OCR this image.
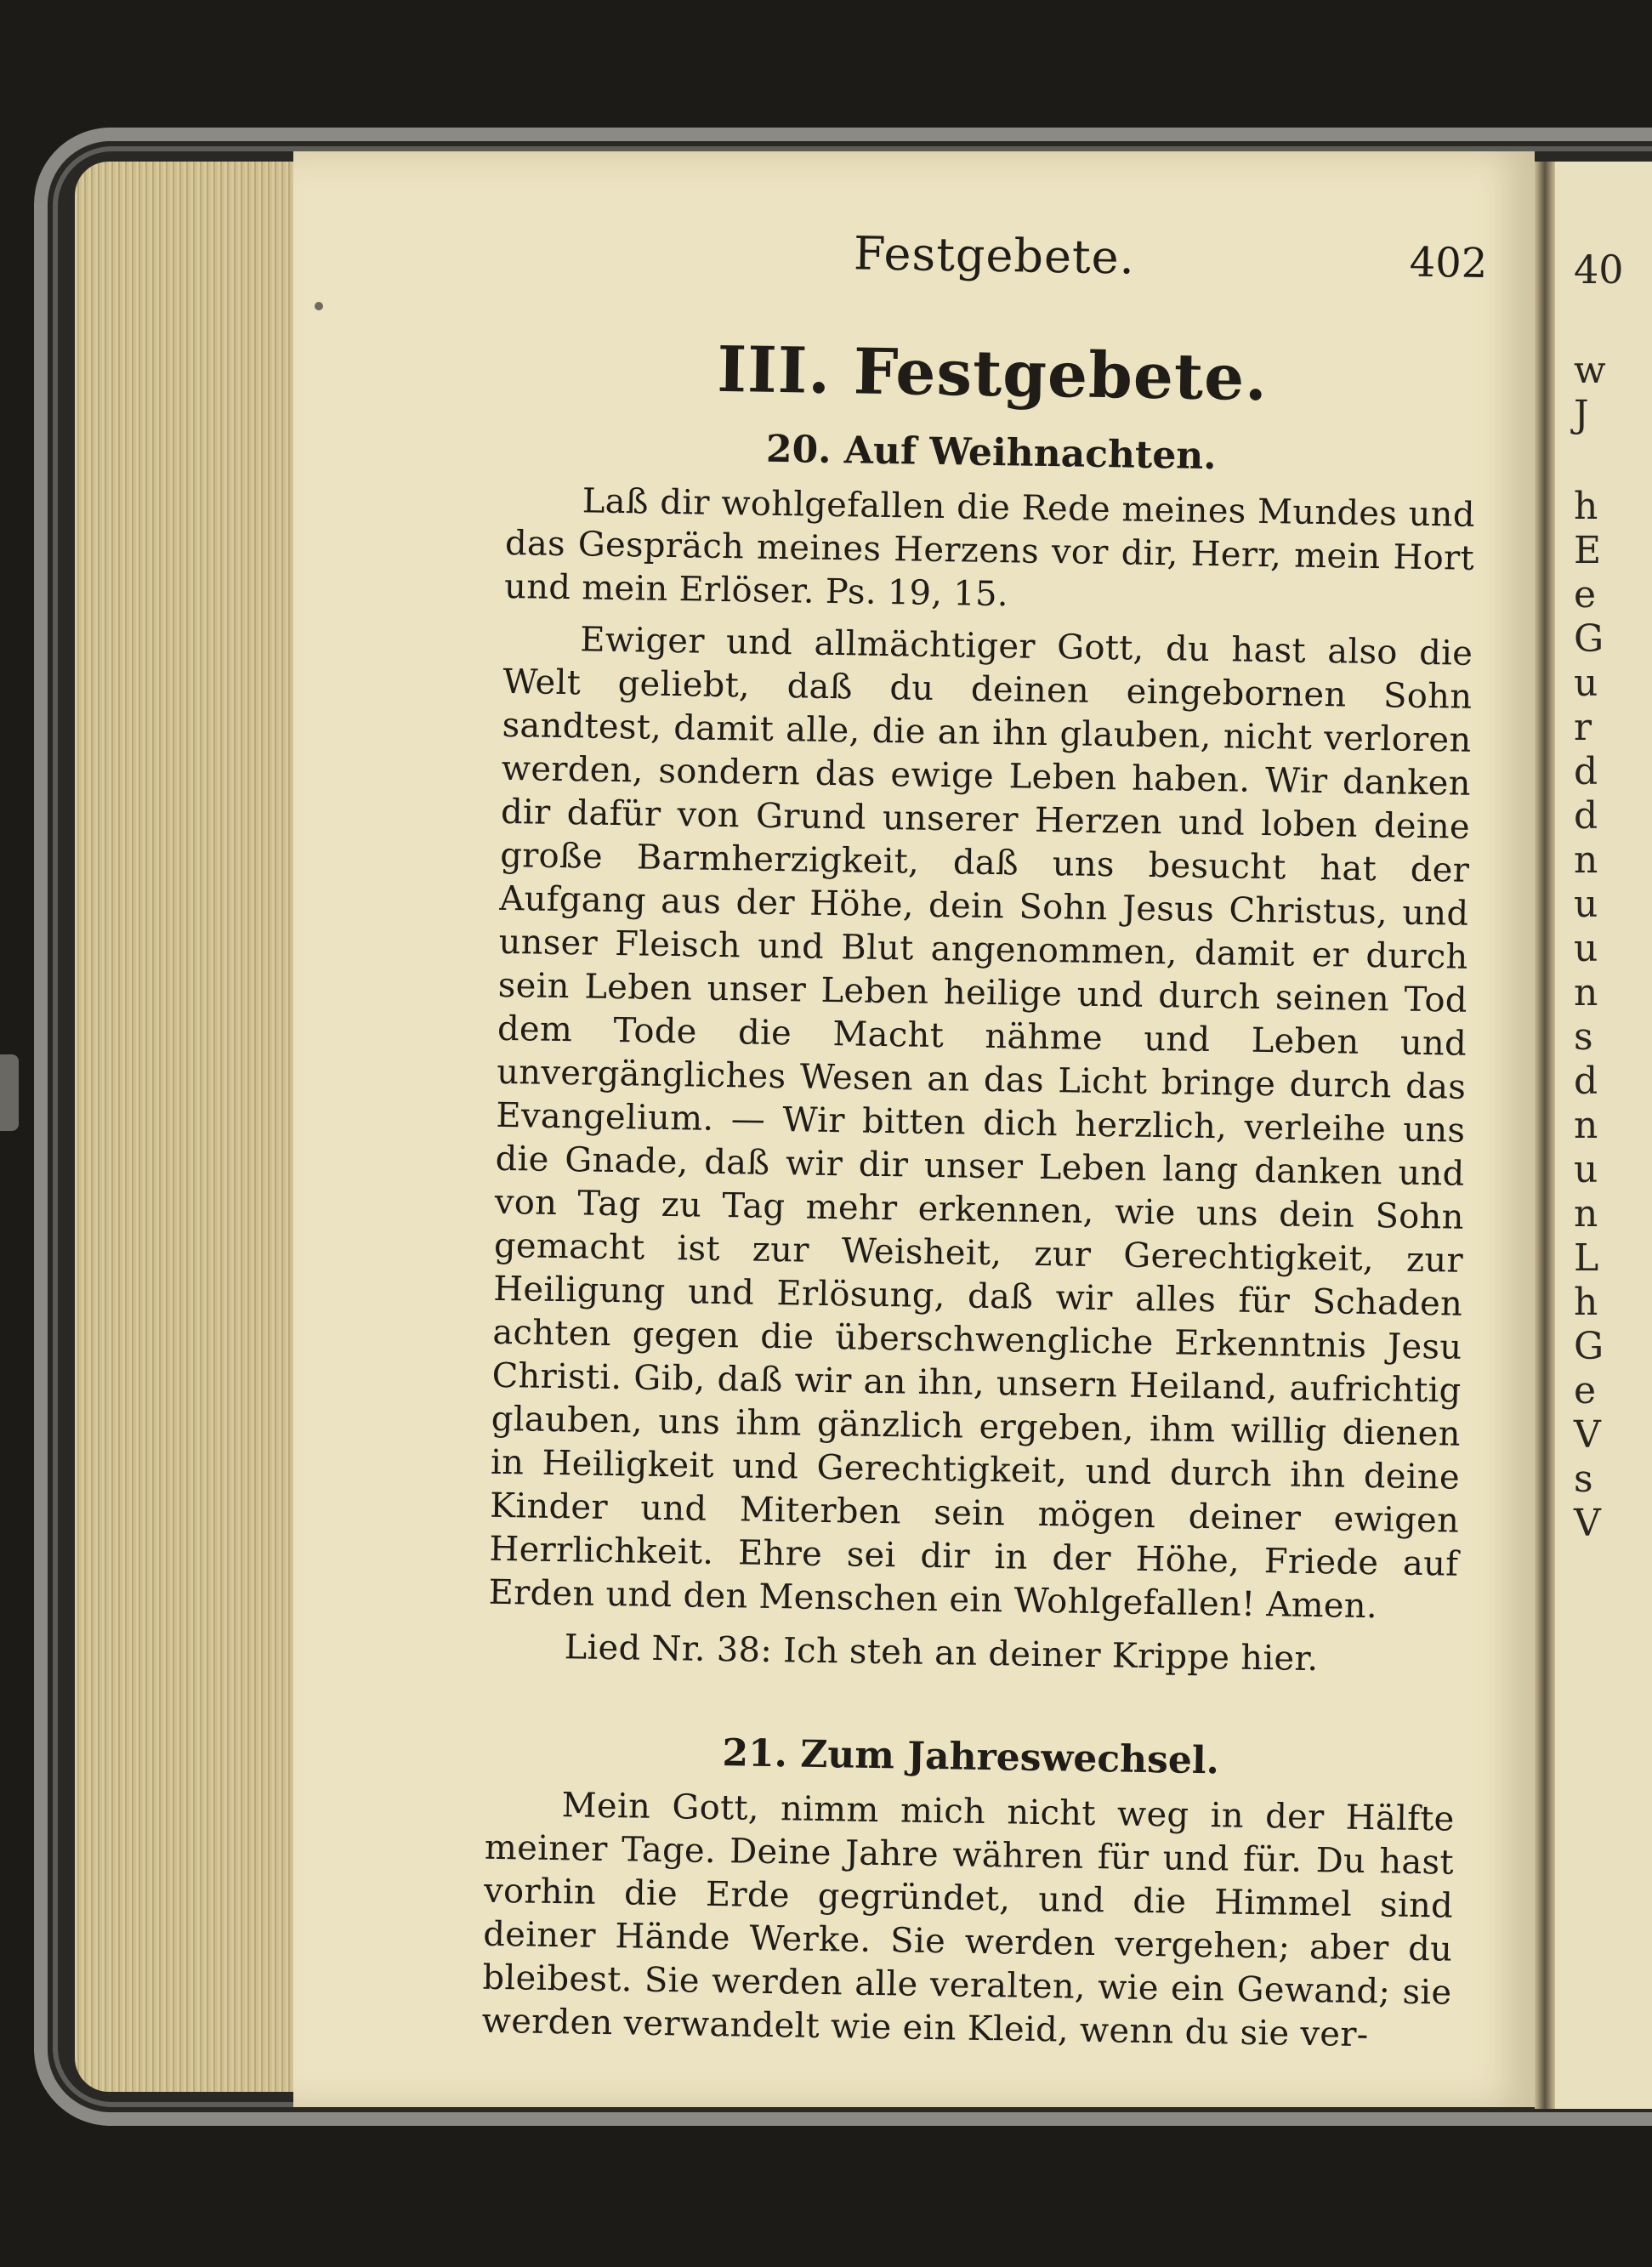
40
w
J
h
E
e
G
u
r
d
d
n
u
u
n
s
d
n
u
n
L
h
G
e
V
s
V
Festgebete.	402
III. Festgebete.
20. Auf Weihnachten.

Laß dir wohlgefallen die Rede meines Mundes und das Gespräch meines Herzens vor dir, Herr, mein Hort und mein Erlöser. Ps. 19, 15.

Ewiger und allmächtiger Gott, du hast also die Welt geliebt, daß du deinen eingebornen Sohn sandtest, damit alle, die an ihn glauben, nicht verloren werden, sondern das ewige Leben haben. Wir danken dir dafür von Grund unserer Herzen und loben deine große Barmherzigkeit, daß uns besucht hat der Aufgang aus der Höhe, dein Sohn Jesus Christus, und unser Fleisch und Blut angenommen, damit er durch sein Leben unser Leben heilige und durch seinen Tod dem Tode die Macht nähme und Leben und unvergängliches Wesen an das Licht bringe durch das Evangelium. — Wir bitten dich herzlich, verleihe uns die Gnade, daß wir dir unser Leben lang danken und von Tag zu Tag mehr erkennen, wie uns dein Sohn gemacht ist zur Weisheit, zur Gerechtigkeit, zur Heiligung und Erlösung, daß wir alles für Schaden achten gegen die überschwengliche Erkenntnis Jesu Christi. Gib, daß wir an ihn, unsern Heiland, aufrichtig glauben, uns ihm gänzlich ergeben, ihm willig dienen in Heiligkeit und Gerechtigkeit, und durch ihn deine Kinder und Miterben sein mögen deiner ewigen Herrlichkeit. Ehre sei dir in der Höhe, Friede auf Erden und den Menschen ein Wohlgefallen! Amen.

Lied Nr. 38: Ich steh an deiner Krippe hier.

21. Zum Jahreswechsel.

Mein Gott, nimm mich nicht weg in der Hälfte meiner Tage. Deine Jahre währen für und für. Du hast vorhin die Erde gegründet, und die Himmel sind deiner Hände Werke. Sie werden vergehen; aber du bleibest. Sie werden alle veralten, wie ein Gewand; sie werden verwandelt wie ein Kleid, wenn du sie ver-
